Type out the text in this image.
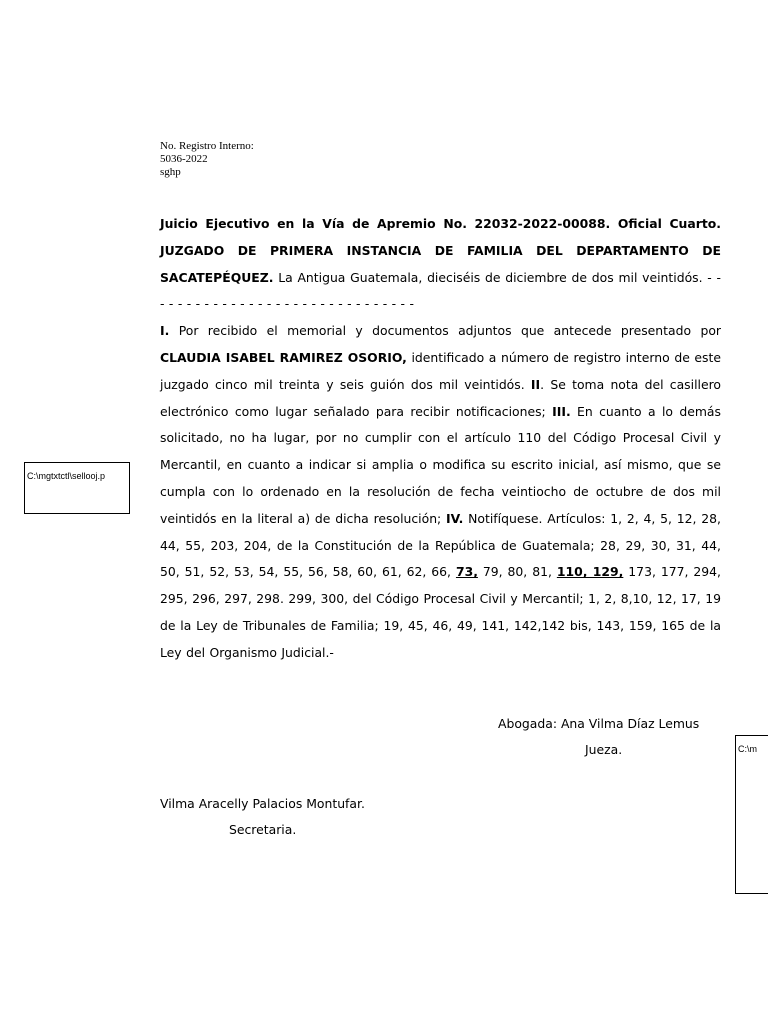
No. Registro Interno:
5036-2022
sghp

Juicio Ejecutivo en la Vía de Apremio No. 22032-2022-00088. Oficial Cuarto. JUZGADO DE PRIMERA INSTANCIA DE FAMILIA DEL DEPARTAMENTO DE SACATEPÉQUEZ. La Antigua Guatemala, dieciséis de diciembre de dos mil veintidós. - - - - - - - - - - - - - - - - - - - - - - - - - - - - - - -

I. Por recibido el memorial y documentos adjuntos que antecede presentado por CLAUDIA ISABEL RAMIREZ OSORIO, identificado a número de registro interno de este juzgado cinco mil treinta y seis guión dos mil veintidós. II. Se toma nota del casillero electrónico como lugar señalado para recibir notificaciones; III. En cuanto a lo demás solicitado, no ha lugar, por no cumplir con el artículo 110 del Código Procesal Civil y Mercantil, en cuanto a indicar si amplia o modifica su escrito inicial, así mismo, que se cumpla con lo ordenado en la resolución de fecha veintiocho de octubre de dos mil veintidós en la literal a) de dicha resolución; IV. Notifíquese. Artículos: 1, 2, 4, 5, 12, 28, 44, 55, 203, 204, de la Constitución de la República de Guatemala; 28, 29, 30, 31, 44, 50, 51, 52, 53, 54, 55, 56, 58, 60, 61, 62, 66, 73, 79, 80, 81, 110, 129, 173, 177, 294, 295, 296, 297, 298. 299, 300, del Código Procesal Civil y Mercantil; 1, 2, 8,10, 12, 17, 19 de la Ley de Tribunales de Familia; 19, 45, 46, 49, 141, 142,142 bis, 143, 159, 165 de la Ley del Organismo Judicial.-

Abogada: Ana Vilma Díaz Lemus
Jueza.
Vilma Aracelly Palacios Montufar.
Secretaria.
C:\mgtxtctl\sellooj.p
C:\m
